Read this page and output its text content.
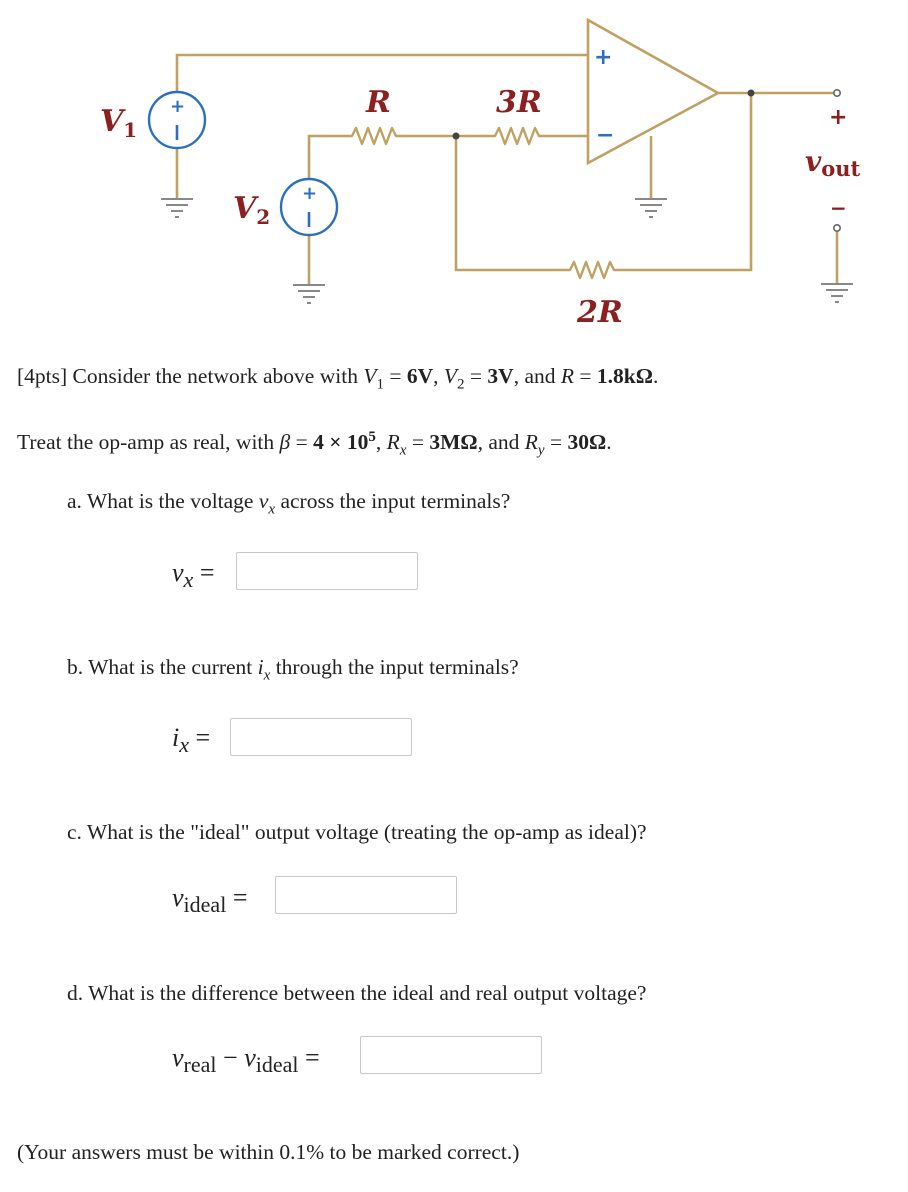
+
−
+
+
$V_1$
$V_2$
R	3R
2R
+
vout
−
[4pts] Consider the network above with $V_1 = 6V$, $V_2 = 3V$, and R = 1.8kΩ.
Treat the op-amp as real, with $\beta = 4 \times 10^5$, $R_x = 3M\Omega$, and $R_y = 30\Omega$.
a. What is the voltage $v_x$ across the input terminals?
$v_x$ =
b. What is the current $i_x$ through the input terminals?
$i_x$ =
c. What is the "ideal" output voltage (treating the op-amp as ideal)?
$v_{ideal}$ =
d. What is the difference between the ideal and real output voltage?
$v_{real} - v_{ideal}$ =
(Your answers must be within 0.1% to be marked correct.)
